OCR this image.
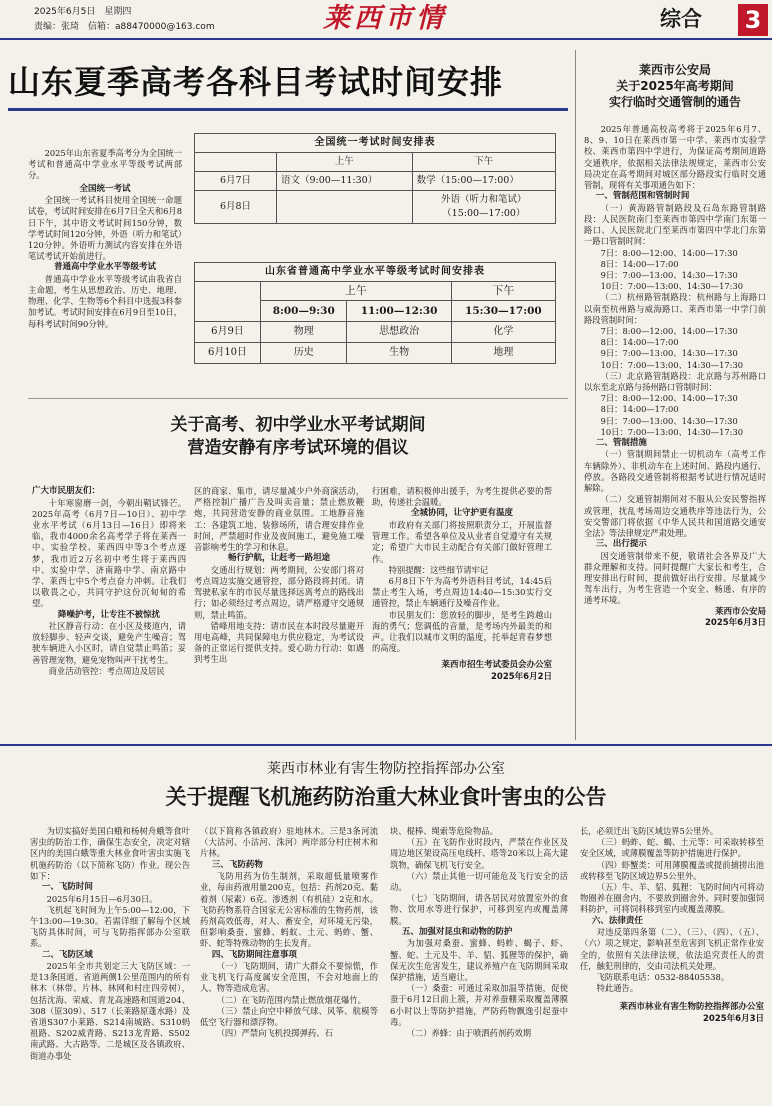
2025年6月5日　星期四
责编：张琦　信箱：a88470000@163.com	莱西市情	综合 3
山东夏季高考各科目考试时间安排

2025年山东省夏季高考分为全国统一考试和普通高中学业水平等级考试两部分。

全国统一考试

全国统一考试科目使用全国统一命题试卷，考试时间安排在6月7日全天和6月8日下午，其中语文考试时间150分钟，数学考试时间120分钟，外语（听力和笔试）120分钟。外语听力测试内容安排在外语笔试考试开始前进行。

普通高中学业水平等级考试

普通高中学业水平等级考试由我省自主命题，考生从思想政治、历史、地理、物理、化学、生物等6个科目中选报3科参加考试。考试时间安排在6月9日至10日，每科考试时间90分钟。

全国统一考试时间安排表		
	上午	下午
6月7日	语文（9:00—11:30）	数学（15:00—17:00）
6月8日		外语（听力和笔试）
（15:00—17:00）
山东省普通高中学业水平等级考试时间安排表			
	上午		下午
	8:00—9:30	11:00—12:30	15:30—17:00
6月9日	物理	思想政治	化学
6月10日	历史	生物	地理
关于高考、初中学业水平考试期间
营造安静有序考试环境的倡议
广大市民朋友们：

十年寒窗磨一剑，今朝出鞘试锋芒。2025年高考（6月7日—10日）、初中学业水平考试（6月13日—16日）即将来临，我市4000余名高考学子将在莱西一中、实验学校、莱西四中等3个考点逐梦，我市近2万名初中考生将于莱西四中、实验中学、济南路中学、南京路中学、莱西七中5个考点奋力冲刺。让我们以敬畏之心，共同守护这份沉甸甸的希望。

降噪护考，让专注不被惊扰

社区静音行动：在小区及楼道内，请放轻脚步、轻声交谈，避免产生噪音；驾驶车辆进入小区时，请自觉禁止鸣笛；妥善管理宠物，避免宠物叫声干扰考生。

商业活动管控：考点周边及居民

区的商家、集市，请尽量减少户外商演活动，严格控制广播广告及叫卖音量；禁止燃放鞭炮，共同营造安静的商业氛围。工地静音施工：各建筑工地、装修场所，请合理安排作业时间，严禁超时作业及夜间施工，避免施工噪音影响考生的学习和休息。

畅行护航，让赶考一路坦途

交通出行规划：两考期间，公安部门将对考点周边实施交通管控，部分路段将封闭。请驾驶私家车的市民尽量选择远离考点的路线出行；如必须经过考点周边，请严格遵守交通规则，禁止鸣笛。

错峰用地支持：请市民在本时段尽量避开用电高峰，共同保障电力供应稳定，为考试设备的正常运行提供支持。爱心助力行动：如遇到考生出

行困难，请积极伸出援手，为考生提供必要的帮助，传递社会温暖。

全城协同，让守护更有温度

市政府有关部门将按照职责分工，开展监督管理工作。希望各单位及从业者自觉遵守有关规定；希望广大市民主动配合有关部门做好管理工作。

特别提醒：这些细节请牢记

6月8日下午为高考外语科目考试，14:45后禁止考生入场，考点周边14:40—15:30实行交通管控，禁止车辆通行及噪音作业。

市民朋友们：您放轻的脚步，是考生跨越山海的勇气；您调低的音量，是考场内外最美的和声。让我们以城市文明的温度，托举起青春梦想的高度。

莱西市招生考试委员会办公室
2025年6月2日
莱西市公安局
关于2025年高考期间
实行临时交通管制的通告

2025年普通高校高考将于2025年6月7、8、9、10日在莱西市第一中学、莱西市实验学校、莱西市第四中学进行，为保证高考期间道路交通秩序，依据相关法律法规规定，莱西市公安局决定在高考期间对城区部分路段实行临时交通管制，现将有关事项通告如下：

一、管制范围和管制时间

（一）黄海路管制路段及石岛东路管制路段：人民医院南门至莱西市第四中学南门东第一路口、人民医院北门至莱西市第四中学北门东第一路口管制时间：

7日：8:00—12:00、14:00—17:30

8日：14:00—17:00

9日：7:00—13:00、14:30—17:30

10日：7:00—13:00、14:30—17:30

（二）杭州路管制路段：杭州路与上海路口以南至杭州路与威海路口、莱西市第一中学门前路段管制时间：

7日：8:00—12:00、14:00—17:30

8日：14:00—17:00

9日：7:00—13:00、14:30—17:30

10日：7:00—13:00、14:30—17:30

（三）北京路管制路段：北京路与苏州路口以东至北京路与扬州路口管制时间：

7日：8:00—12:00、14:00—17:30

8日：14:00—17:00

9日：7:00—13:00、14:30—17:30

10日：7:00—13:00、14:30—17:30

二、管制措施

（一）管制期间禁止一切机动车（高考工作车辆除外）、非机动车在上述时间、路段内通行、停放。各路段交通管制将根据考试进行情况适时解除。

（二）交通管制期间对不服从公安民警指挥或管理，扰乱考场周边交通秩序等违法行为，公安交警部门将依据《中华人民共和国道路交通安全法》等法律规定严肃处理。

三、出行提示

因交通管制带来不便，敬请社会各界及广大群众理解和支持。同时提醒广大家长和考生，合理安排出行时间，提前做好出行安排。尽量减少驾车出行，为考生营造一个安全、畅通、有序的通考环境。

莱西市公安局
2025年6月3日
莱西市林业有害生物防控指挥部办公室
关于提醒飞机施药防治重大林业食叶害虫的公告

为切实搞好美国白蛾和杨树舟蛾等食叶害虫的防治工作，确保生态安全，决定对辖区内的美国白蛾等重大林业食叶害虫实施飞机施药防治（以下简称飞防）作业。现公告如下：

一、飞防时间

2025年6月15日—6月30日。

飞机起飞时间为上午5:00—12:00，下午13:00—19:30。若需详细了解每个区域飞防具体时间，可与飞防指挥部办公室联系。

二、飞防区域

2025年全市共划定三大飞防区域：一是13条国道、省道两侧1公里范围内的所有林木（林带、片林、林网和村庄四旁树），包括沈海、荣威、青龙高速路和国道204、308（原309）、517（长莱路原蓬水路）及省道S307小莱路、S214南城路、S310蚂祖路、S202威青路、S213龙青路、S502南武路、大古路等。二是城区及各镇政府、街道办事处

（以下简称各镇政府）驻地林木。三是3条河流（大沽河、小沽河、洙河）两岸部分村庄树木和片林。

三、飞防药物

飞防用药为仿生制剂，采取超低量喷雾作业，每亩药液用量200克，包括：药剂20克、黏着剂（尿素）6克、渗透剂（有机硅）2克和水。飞防药物系符合国家无公害标准的生物药剂，该药剂高效低毒，对人、畜安全，对环境无污染，但影响桑蚕、蜜蜂、蚂蚁、土元、蚂蚱、蟹、虾、蛇等特殊动物的生长发育。

四、飞防期间注意事项

（一）飞防期间，请广大群众不要惊慌，作业飞机飞行高度属安全范围，不会对地面上的人、物等造成危害。

（二）在飞防范围内禁止燃放烟花爆竹。

（三）禁止向空中释放气球、风筝、航模等低空飞行器和漂浮物。

（四）严禁向飞机投掷弹药、石

块、棍棒、绳索等危险物品。

（五）在飞防作业时段内，严禁在作业区及周边地区架设高压电线杆、塔等20米以上高大建筑物，确保飞机飞行安全。

（六）禁止其他一切可能危及飞行安全的活动。

（七）飞防期间，请各居民对放置室外的食物、饮用水等进行保护，可移到室内或覆盖薄膜。

五、加强对昆虫和动物的防护

为加强对桑蚕、蜜蜂、蚂蚱、蝎子、虾、蟹、蛇、土元及牛、羊、貂、狐狸等的保护，确保无次生危害发生，建议养殖户在飞防期间采取保护措施，适当避让。

（一）桑蚕：可通过采取加温等措施，促使蚕于6月12日前上簇，并对养蚕棚采取覆盖薄膜6小时以上等防护措施，严防药物飘逸引起蚕中毒。

（二）养蜂：由于喷洒药剂药效期

长，必须迁出飞防区域边界5公里外。

（三）蚂蚱、蛇、蝎、土元等：可采取转移至安全区域，或薄膜覆盖等防护措施进行保护。

（四）虾蟹类：可用薄膜覆盖或提前捕捞出池或转移至飞防区域边界5公里外。

（五）牛、羊、貂、狐狸：飞防时间内可将动物圈养在圈舍内，不要放到圈舍外。同时要加强饲料防护，可将饲料移到室内或覆盖薄膜。

六、法律责任

对违反第四条第（二）、（三）、（四）、（五）、（六）项之规定，影响甚至危害到飞机正常作业安全的，依照有关法律法规，依法追究责任人的责任，触犯刑律的，交由司法机关处理。

飞防联系电话：0532-88405538。

特此通告。

莱西市林业有害生物防控指挥部办公室
2025年6月3日
